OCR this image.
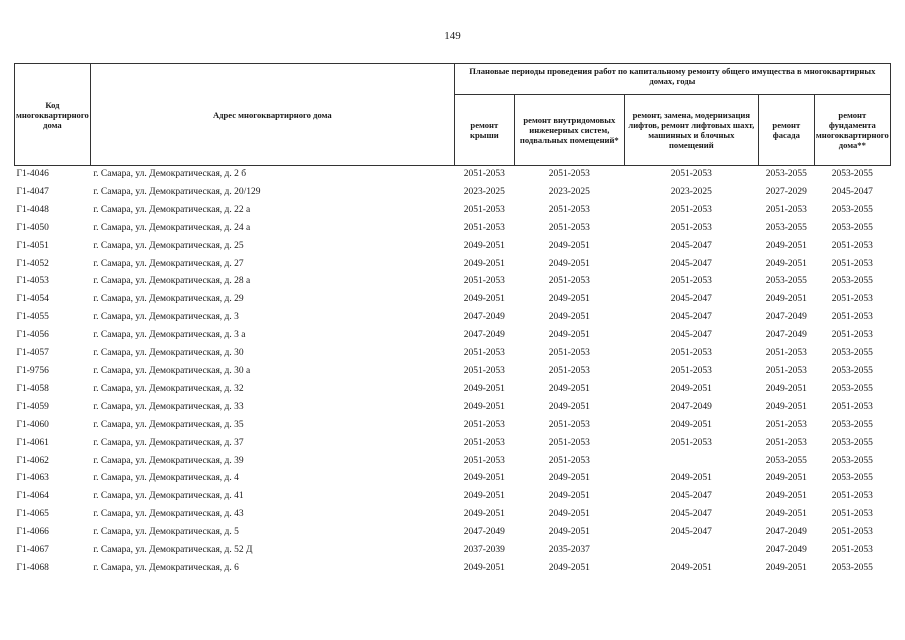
149
Код многоквартирного дома	Адрес многоквартирного дома	Плановые периоды проведения работ по капитальному ремонту общего имущества в многоквартирных домах, годы				
		ремонт крыши	ремонт внутридомовых инженерных систем, подвальных помещений*	ремонт, замена, модернизация лифтов, ремонт лифтовых шахт, машинных и блочных помещений	ремонт фасада	ремонт фундамента многоквартирного дома**
Г1-4046	г. Самара, ул. Демократическая, д. 2 б	2051-2053	2051-2053	2051-2053	2053-2055	2053-2055
Г1-4047	г. Самара, ул. Демократическая, д. 20/129	2023-2025	2023-2025	2023-2025	2027-2029	2045-2047
Г1-4048	г. Самара, ул. Демократическая, д. 22 а	2051-2053	2051-2053	2051-2053	2051-2053	2053-2055
Г1-4050	г. Самара, ул. Демократическая, д. 24 а	2051-2053	2051-2053	2051-2053	2053-2055	2053-2055
Г1-4051	г. Самара, ул. Демократическая, д. 25	2049-2051	2049-2051	2045-2047	2049-2051	2051-2053
Г1-4052	г. Самара, ул. Демократическая, д. 27	2049-2051	2049-2051	2045-2047	2049-2051	2051-2053
Г1-4053	г. Самара, ул. Демократическая, д. 28 а	2051-2053	2051-2053	2051-2053	2053-2055	2053-2055
Г1-4054	г. Самара, ул. Демократическая, д. 29	2049-2051	2049-2051	2045-2047	2049-2051	2051-2053
Г1-4055	г. Самара, ул. Демократическая, д. 3	2047-2049	2049-2051	2045-2047	2047-2049	2051-2053
Г1-4056	г. Самара, ул. Демократическая, д. 3 а	2047-2049	2049-2051	2045-2047	2047-2049	2051-2053
Г1-4057	г. Самара, ул. Демократическая, д. 30	2051-2053	2051-2053	2051-2053	2051-2053	2053-2055
Г1-9756	г. Самара, ул. Демократическая, д. 30 а	2051-2053	2051-2053	2051-2053	2051-2053	2053-2055
Г1-4058	г. Самара, ул. Демократическая, д. 32	2049-2051	2049-2051	2049-2051	2049-2051	2053-2055
Г1-4059	г. Самара, ул. Демократическая, д. 33	2049-2051	2049-2051	2047-2049	2049-2051	2051-2053
Г1-4060	г. Самара, ул. Демократическая, д. 35	2051-2053	2051-2053	2049-2051	2051-2053	2053-2055
Г1-4061	г. Самара, ул. Демократическая, д. 37	2051-2053	2051-2053	2051-2053	2051-2053	2053-2055
Г1-4062	г. Самара, ул. Демократическая, д. 39	2051-2053	2051-2053		2053-2055	2053-2055
Г1-4063	г. Самара, ул. Демократическая, д. 4	2049-2051	2049-2051	2049-2051	2049-2051	2053-2055
Г1-4064	г. Самара, ул. Демократическая, д. 41	2049-2051	2049-2051	2045-2047	2049-2051	2051-2053
Г1-4065	г. Самара, ул. Демократическая, д. 43	2049-2051	2049-2051	2045-2047	2049-2051	2051-2053
Г1-4066	г. Самара, ул. Демократическая, д. 5	2047-2049	2049-2051	2045-2047	2047-2049	2051-2053
Г1-4067	г. Самара, ул. Демократическая, д. 52 Д	2037-2039	2035-2037		2047-2049	2051-2053
Г1-4068	г. Самара, ул. Демократическая, д. 6	2049-2051	2049-2051	2049-2051	2049-2051	2053-2055
